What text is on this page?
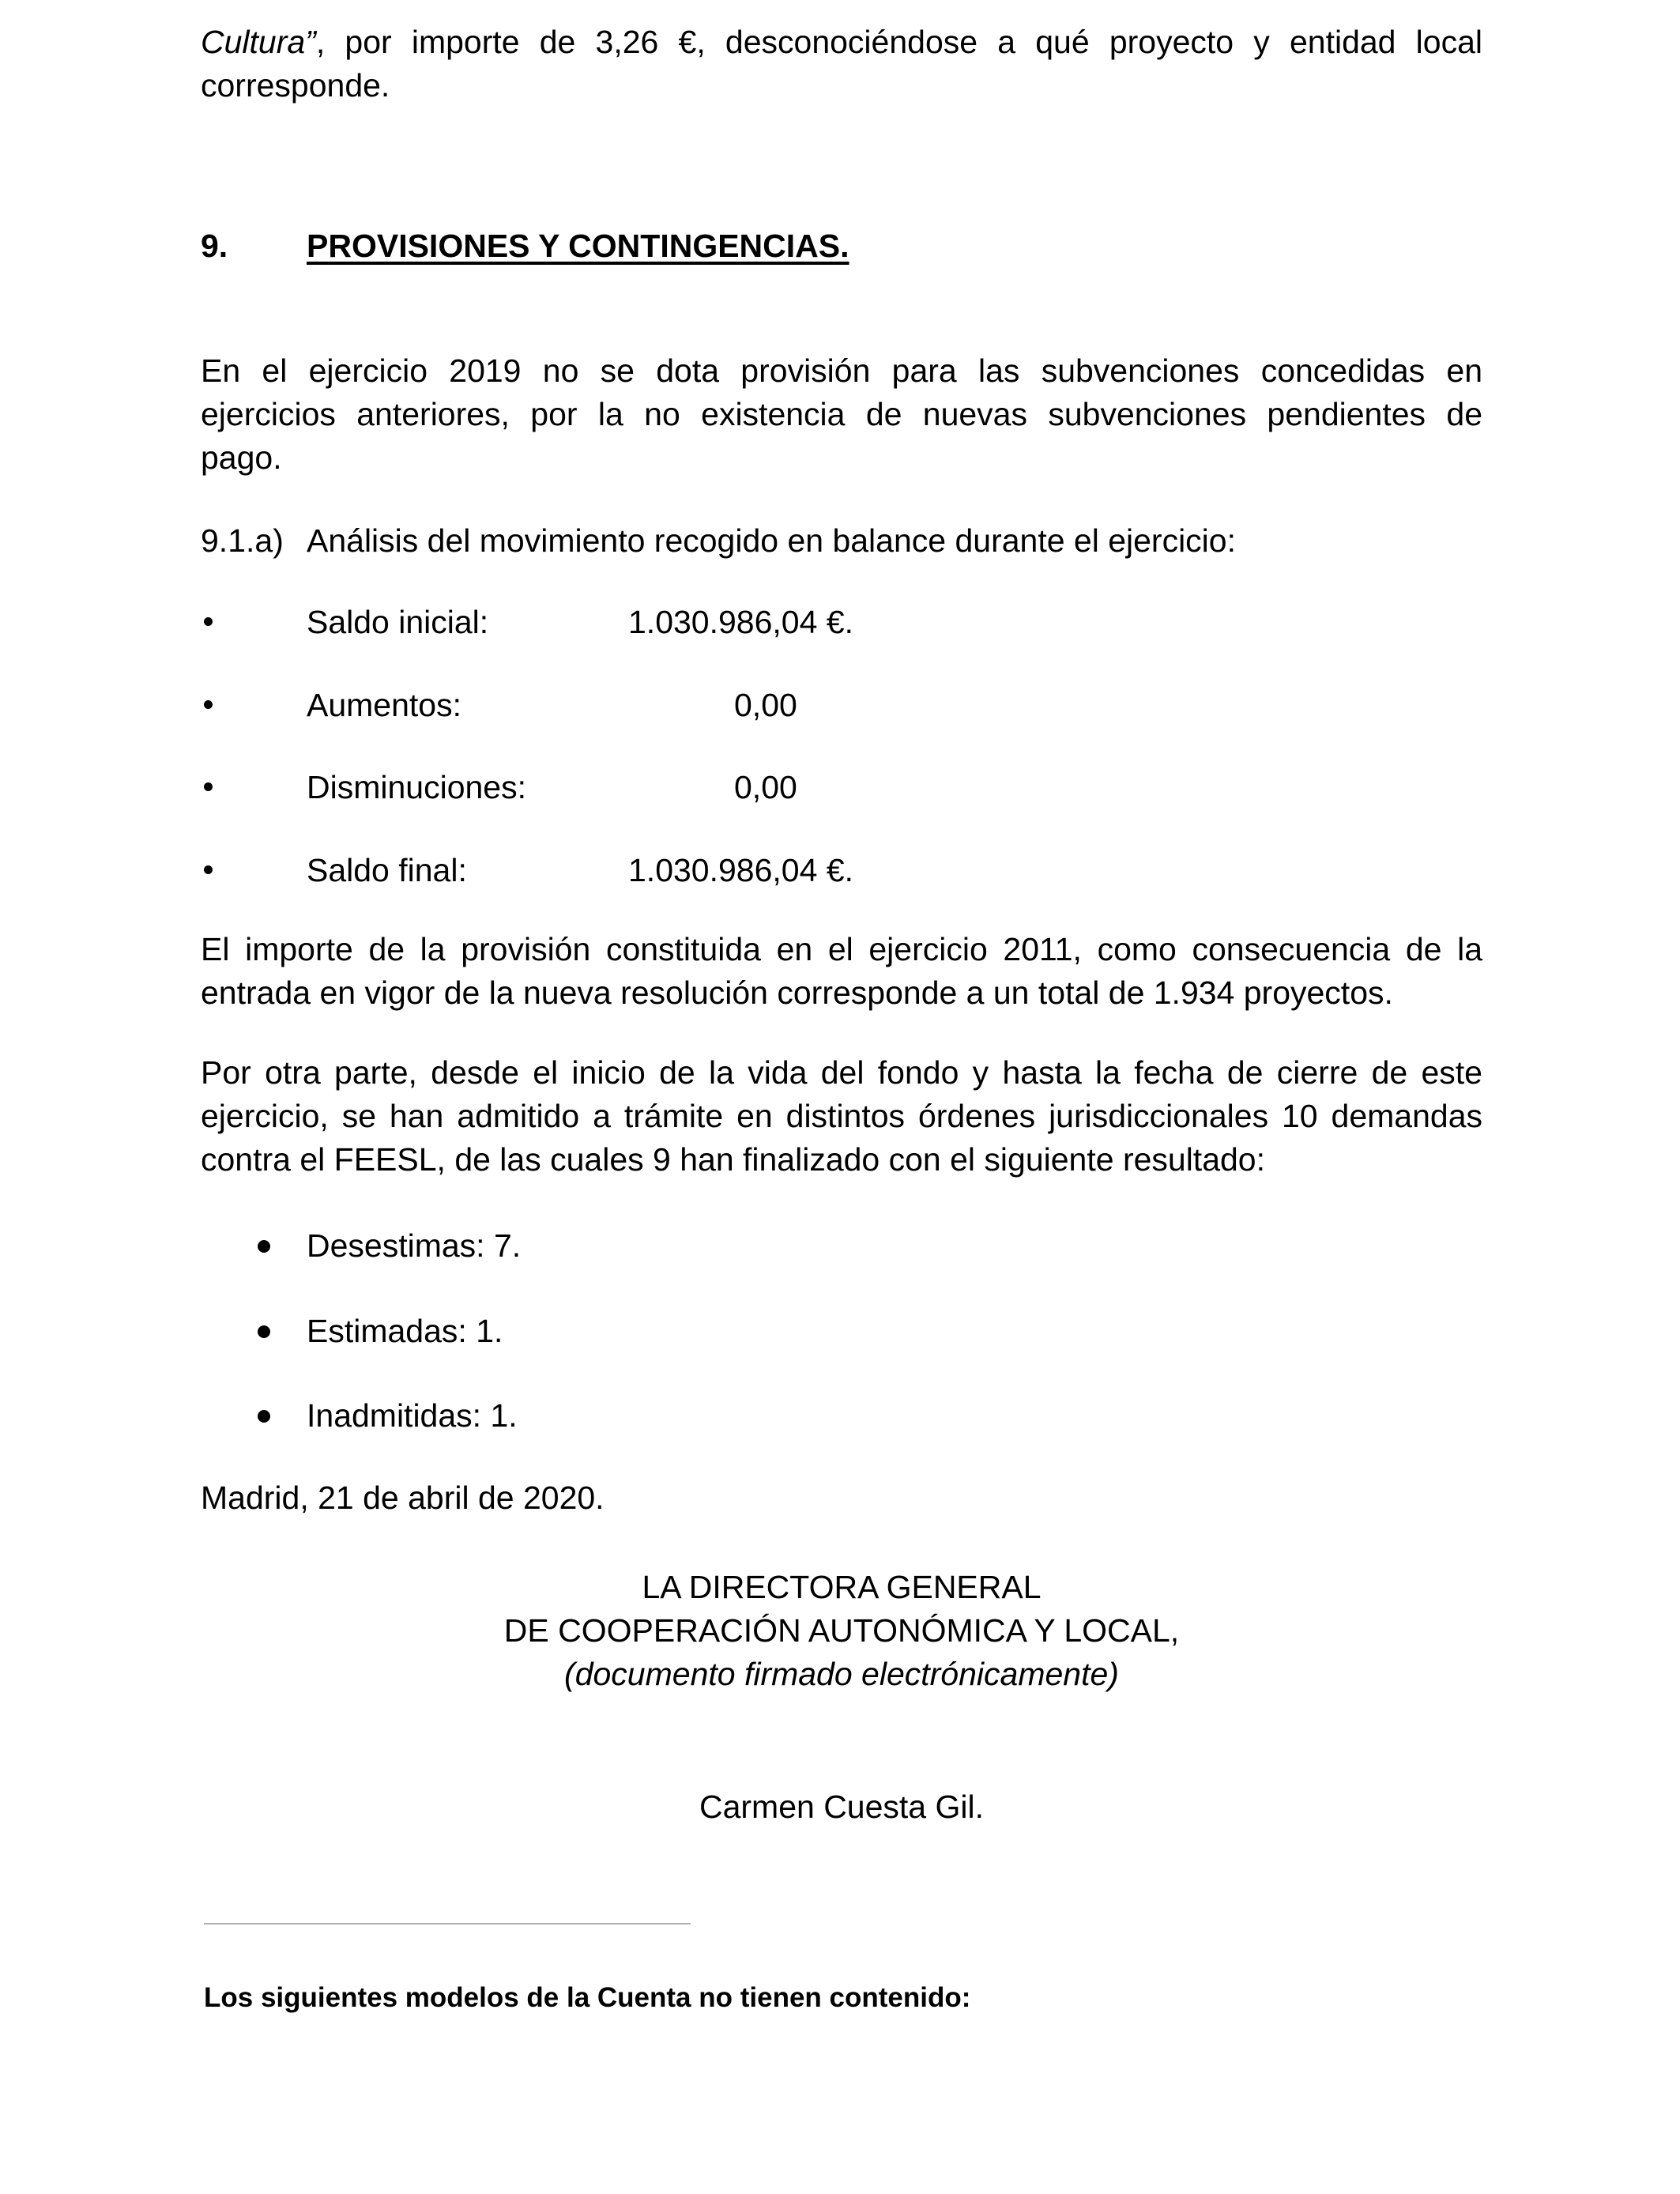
Cultura”, por importe de 3,26 €, desconociéndose a qué proyecto y entidad local
corresponde.
9. PROVISIONES Y CONTINGENCIAS.
En el ejercicio 2019 no se dota provisión para las subvenciones concedidas en
ejercicios anteriores, por la no existencia de nuevas subvenciones pendientes de
pago.
9.1.a) Análisis del movimiento recogido en balance durante el ejercicio:
Saldo inicial:	1.030.986,04 €.
Aumentos:	0,00
Disminuciones:	0,00
Saldo final:	1.030.986,04 €.
El importe de la provisión constituida en el ejercicio 2011, como consecuencia de la
entrada en vigor de la nueva resolución corresponde a un total de 1.934 proyectos.
Por otra parte, desde el inicio de la vida del fondo y hasta la fecha de cierre de este
ejercicio, se han admitido a trámite en distintos órdenes jurisdiccionales 10 demandas
contra el FEESL, de las cuales 9 han finalizado con el siguiente resultado:
Desestimas: 7.
Estimadas: 1.
Inadmitidas: 1.
Madrid, 21 de abril de 2020.
LA DIRECTORA GENERAL
DE COOPERACIÓN AUTONÓMICA Y LOCAL,
(documento firmado electrónicamente)
Carmen Cuesta Gil.
Los siguientes modelos de la Cuenta no tienen contenido:
